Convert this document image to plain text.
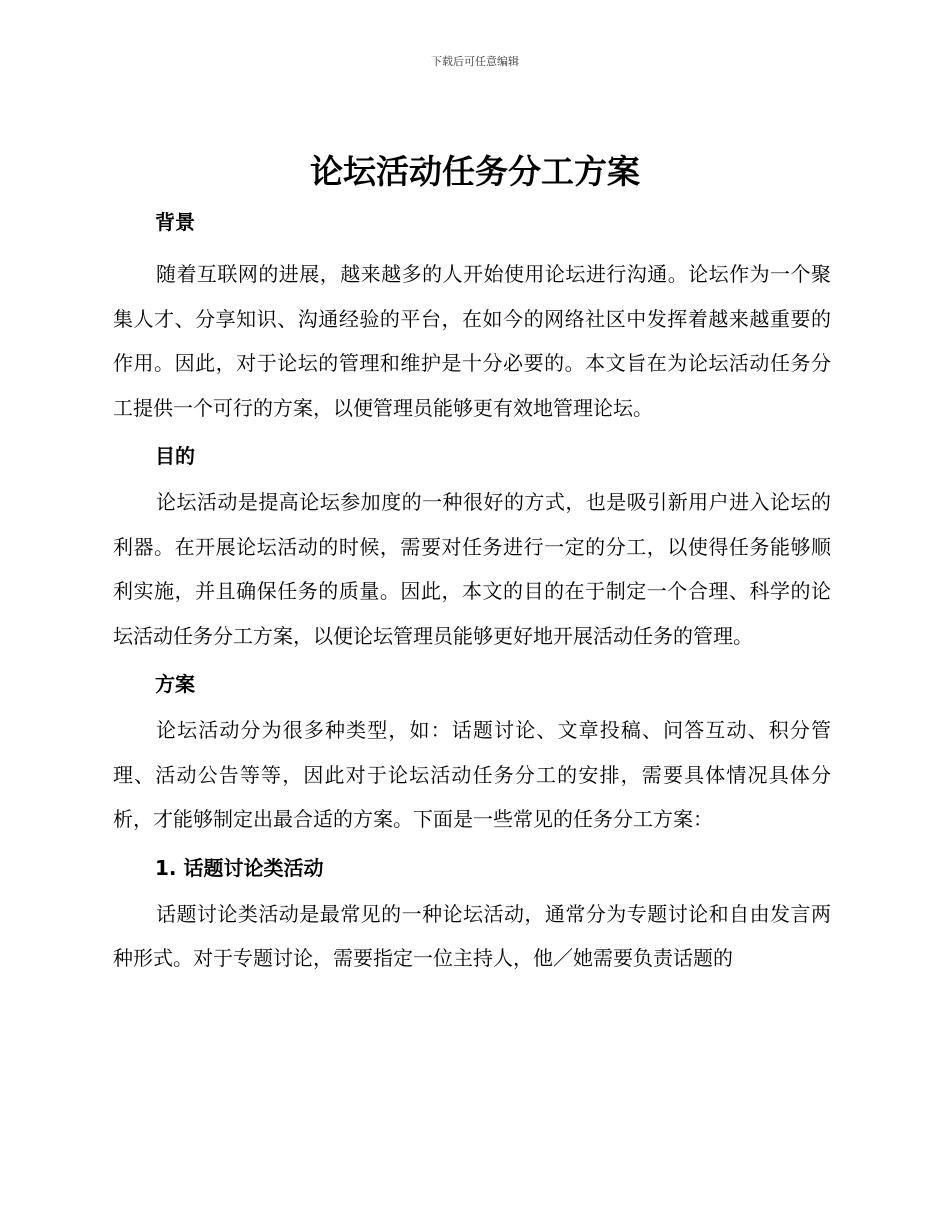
下载后可任意编辑
论坛活动任务分工方案
背景

随着互联网的进展，越来越多的人开始使用论坛进行沟通。论坛作为一个聚集人才、分享知识、沟通经验的平台，在如今的网络社区中发挥着越来越重要的作用。因此，对于论坛的管理和维护是十分必要的。本文旨在为论坛活动任务分工提供一个可行的方案，以便管理员能够更有效地管理论坛。

目的

论坛活动是提高论坛参加度的一种很好的方式，也是吸引新用户进入论坛的利器。在开展论坛活动的时候，需要对任务进行一定的分工，以使得任务能够顺利实施，并且确保任务的质量。因此，本文的目的在于制定一个合理、科学的论坛活动任务分工方案，以便论坛管理员能够更好地开展活动任务的管理。

方案

论坛活动分为很多种类型，如：话题讨论、文章投稿、问答互动、积分管理、活动公告等等，因此对于论坛活动任务分工的安排，需要具体情况具体分析，才能够制定出最合适的方案。下面是一些常见的任务分工方案：

1. 话题讨论类活动

话题讨论类活动是最常见的一种论坛活动，通常分为专题讨论和自由发言两种形式。对于专题讨论，需要指定一位主持人，他／她需要负责话题的
